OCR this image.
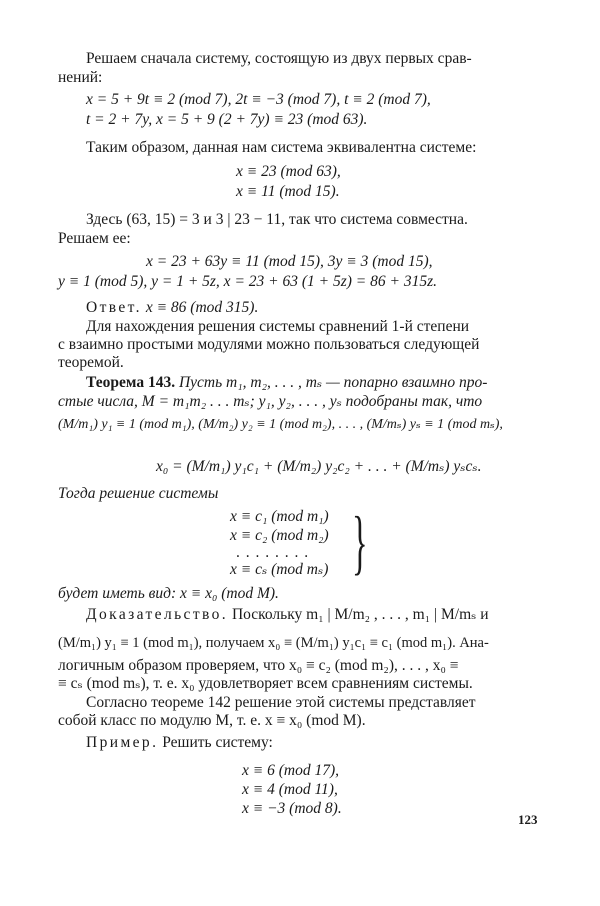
Решаем сначала систему, состоящую из двух первых срав-
нений:
x = 5 + 9t ≡ 2 (mod 7), 2t ≡ −3 (mod 7), t ≡ 2 (mod 7),
t = 2 + 7y, x = 5 + 9 (2 + 7y) ≡ 23 (mod 63).
Таким образом, данная нам система эквивалентна системе:
x ≡ 23 (mod 63),
x ≡ 11 (mod 15).
Здесь (63, 15) = 3 и 3 | 23 − 11, так что система совместна.
Решаем ее:
x = 23 + 63y ≡ 11 (mod 15), 3y ≡ 3 (mod 15),
y ≡ 1 (mod 5), y = 1 + 5z, x = 23 + 63 (1 + 5z) = 86 + 315z.
Ответ. x ≡ 86 (mod 315).
Для нахождения решения системы сравнений 1-й степени
с взаимно простыми модулями можно пользоваться следующей
теоремой.
Теорема 143. Пусть m₁, m₂, . . . , mₛ — попарно взаимно про-
стые числа, M = m₁m₂ . . . mₛ; y₁, y₂, . . . , yₛ подобраны так, что
(M/m₁) y₁ ≡ 1 (mod m₁), (M/m₂) y₂ ≡ 1 (mod m₂), . . . , (M/mₛ) yₛ ≡ 1 (mod mₛ),
x₀ = (M/m₁) y₁c₁ + (M/m₂) y₂c₂ + . . . + (M/mₛ) yₛcₛ.
Тогда решение системы
x ≡ c₁ (mod m₁)
x ≡ c₂ (mod m₂)
. . . . . . . .
x ≡ cₛ (mod mₛ) }
будет иметь вид: x ≡ x₀ (mod M).
Доказательство. Поскольку m₁ | M/m₂ , . . . , m₁ | M/mₛ и
(M/m₁) y₁ ≡ 1 (mod m₁), получаем x₀ ≡ (M/m₁) y₁c₁ ≡ c₁ (mod m₁). Ана-
логичным образом проверяем, что x₀ ≡ c₂ (mod m₂), . . . , x₀ ≡
≡ cₛ (mod mₛ), т. е. x₀ удовлетворяет всем сравнениям системы.
Согласно теореме 142 решение этой системы представляет
собой класс по модулю M, т. е. x ≡ x₀ (mod M).
Пример. Решить систему:
x ≡ 6 (mod 17),
x ≡ 4 (mod 11),
x ≡ −3 (mod 8).
123
